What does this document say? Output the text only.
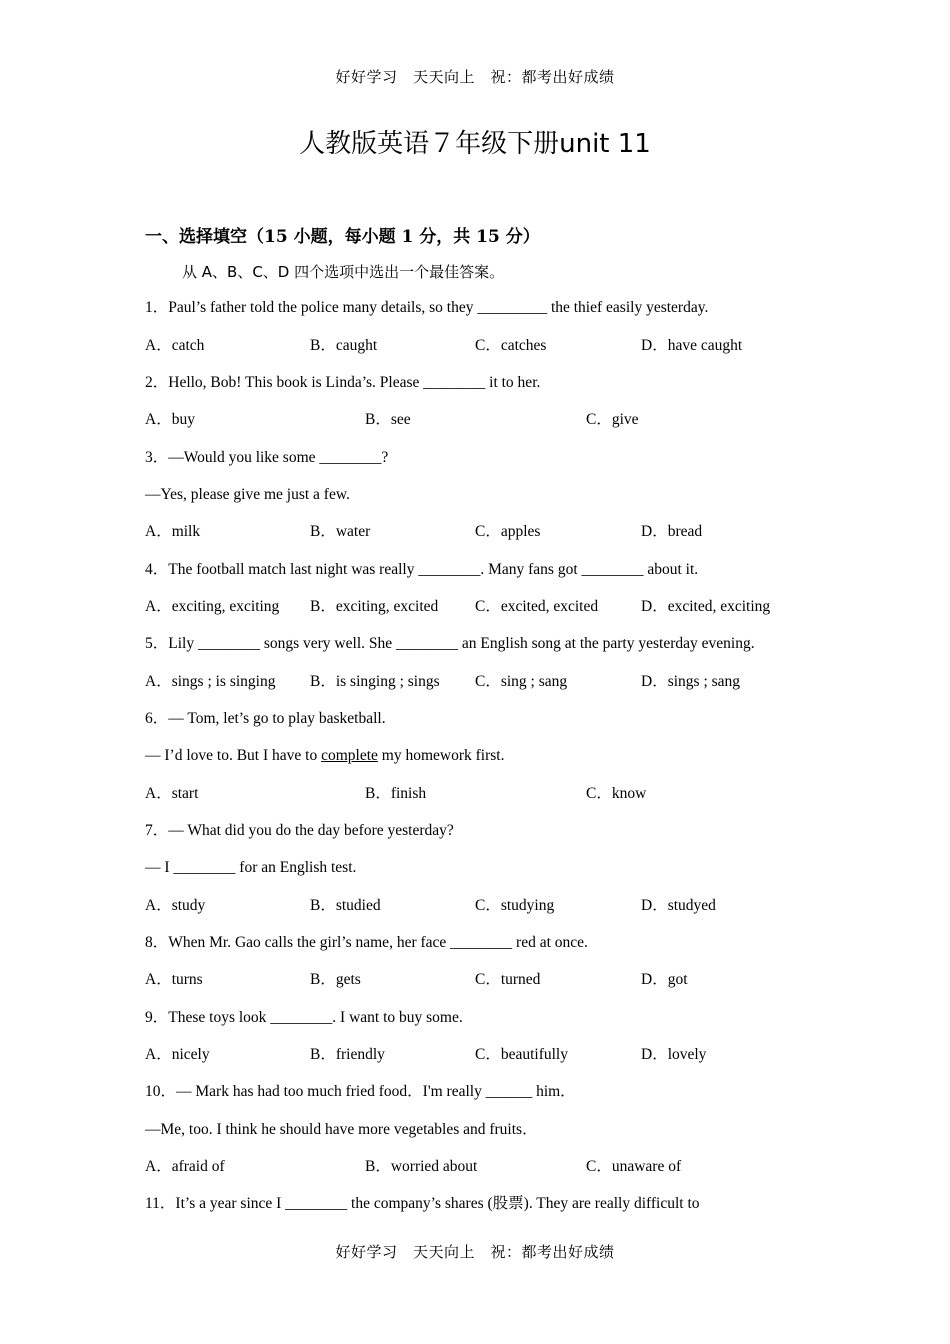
好好学习　天天向上　祝：都考出好成绩
人教版英语７年级下册unit 11
一、选择填空（15 小题，每小题 1 分，共 15 分）
从 A、B、C、D 四个选项中选出一个最佳答案。
1．Paul’s father told the police many details, so they _________ the thief easily yesterday.
A．catch	B．caught	C．catches	D．have caught
2．Hello, Bob! This book is Linda’s. Please ________ it to her.
A．buy	B．see	C．give
3．—Would you like some ________?
—Yes, please give me just a few.
A．milk	B．water	C．apples	D．bread
4．The football match last night was really ________. Many fans got ________ about it.
A．exciting, exciting B．exciting, excited C．excited, excited	D．excited, exciting
5．Lily ________ songs very well. She ________ an English song at the party yesterday evening.
A．sings ; is singing B．is singing ; sings C．sing ; sang	D．sings ; sang
6．— Tom, let’s go to play basketball.
— I’d love to. But I have to complete my homework first.
A．start	B．finish	C．know
7．— What did you do the day before yesterday?
— I ________ for an English test.
A．study	B．studied	C．studying	D．studyed
8．When Mr. Gao calls the girl’s name, her face ________ red at once.
A．turns	B．gets	C．turned	D．got
9．These toys look ________. I want to buy some.
A．nicely	B．friendly	C．beautifully	D．lovely
10．— Mark has had too much fried food．I'm really ______ him．
—Me, too. I think he should have more vegetables and fruits．
A．afraid of	B．worried about	C．unaware of
11．It’s a year since I ________ the company’s shares (股票). They are really difficult to
好好学习　天天向上　祝：都考出好成绩
